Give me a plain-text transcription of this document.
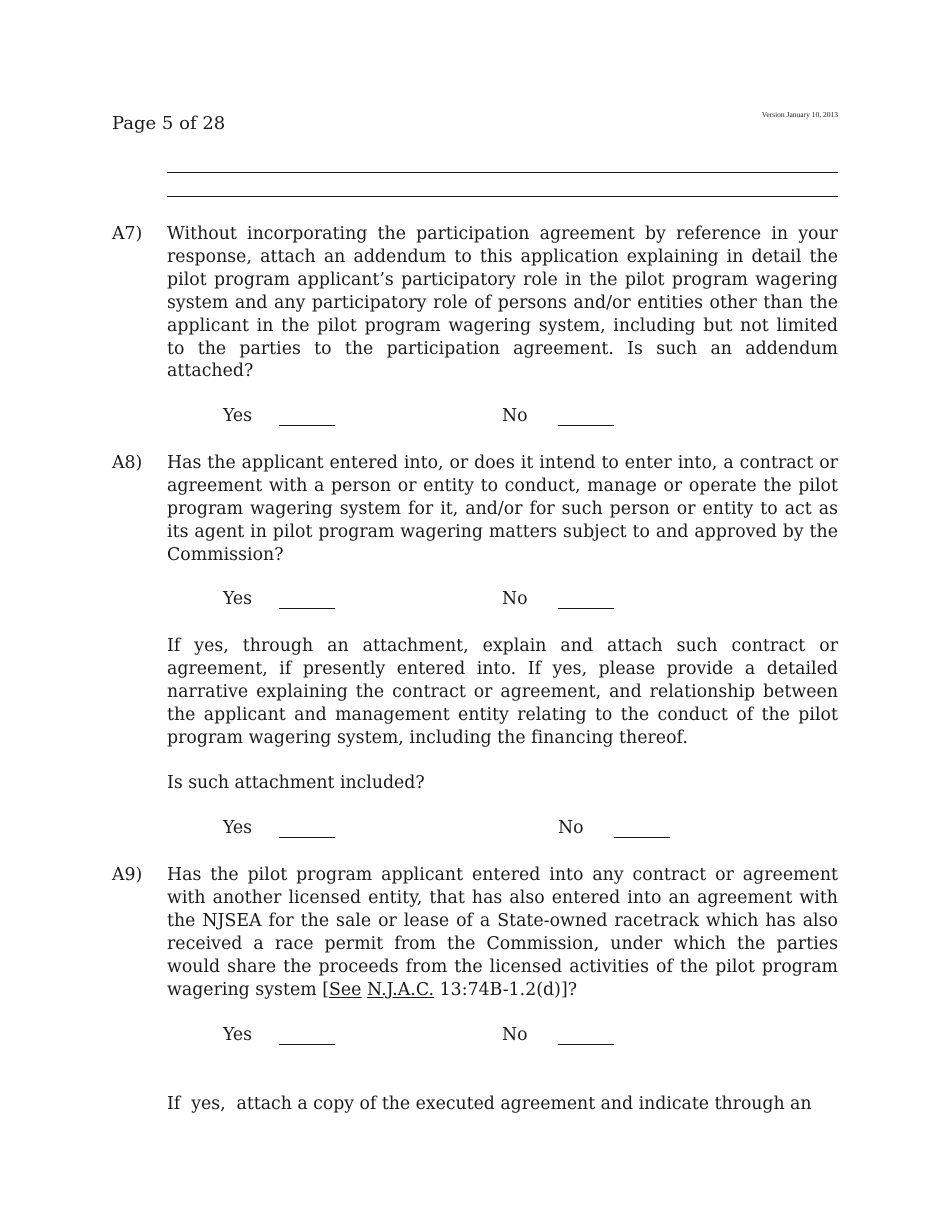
Page 5 of 28	Version January 10, 2013
A7) Without incorporating the participation agreement by reference in your response, attach an addendum to this application explaining in detail the pilot program applicant’s participatory role in the pilot program wagering system and any participatory role of persons and/or entities other than the applicant in the pilot program wagering system, including but not limited to the parties to the participation agreement. Is such an addendum attached?

Yes	No
A8) Has the applicant entered into, or does it intend to enter into, a contract or agreement with a person or entity to conduct, manage or operate the pilot program wagering system for it, and/or for such person or entity to act as its agent in pilot program wagering matters subject to and approved by the Commission?

Yes	No

If yes, through an attachment, explain and attach such contract or agreement, if presently entered into. If yes, please provide a detailed narrative explaining the contract or agreement, and relationship between the applicant and management entity relating to the conduct of the pilot program wagering system, including the financing thereof.

Is such attachment included?
Yes	No
A9) Has the pilot program applicant entered into any contract or agreement with another licensed entity, that has also entered into an agreement with the NJSEA for the sale or lease of a State-owned racetrack which has also received a race permit from the Commission, under which the parties would share the proceeds from the licensed activities of the pilot program wagering system [See N.J.A.C. 13:74B-1.2(d)]?

Yes	No
If  yes,  attach a copy of the executed agreement and indicate through an
